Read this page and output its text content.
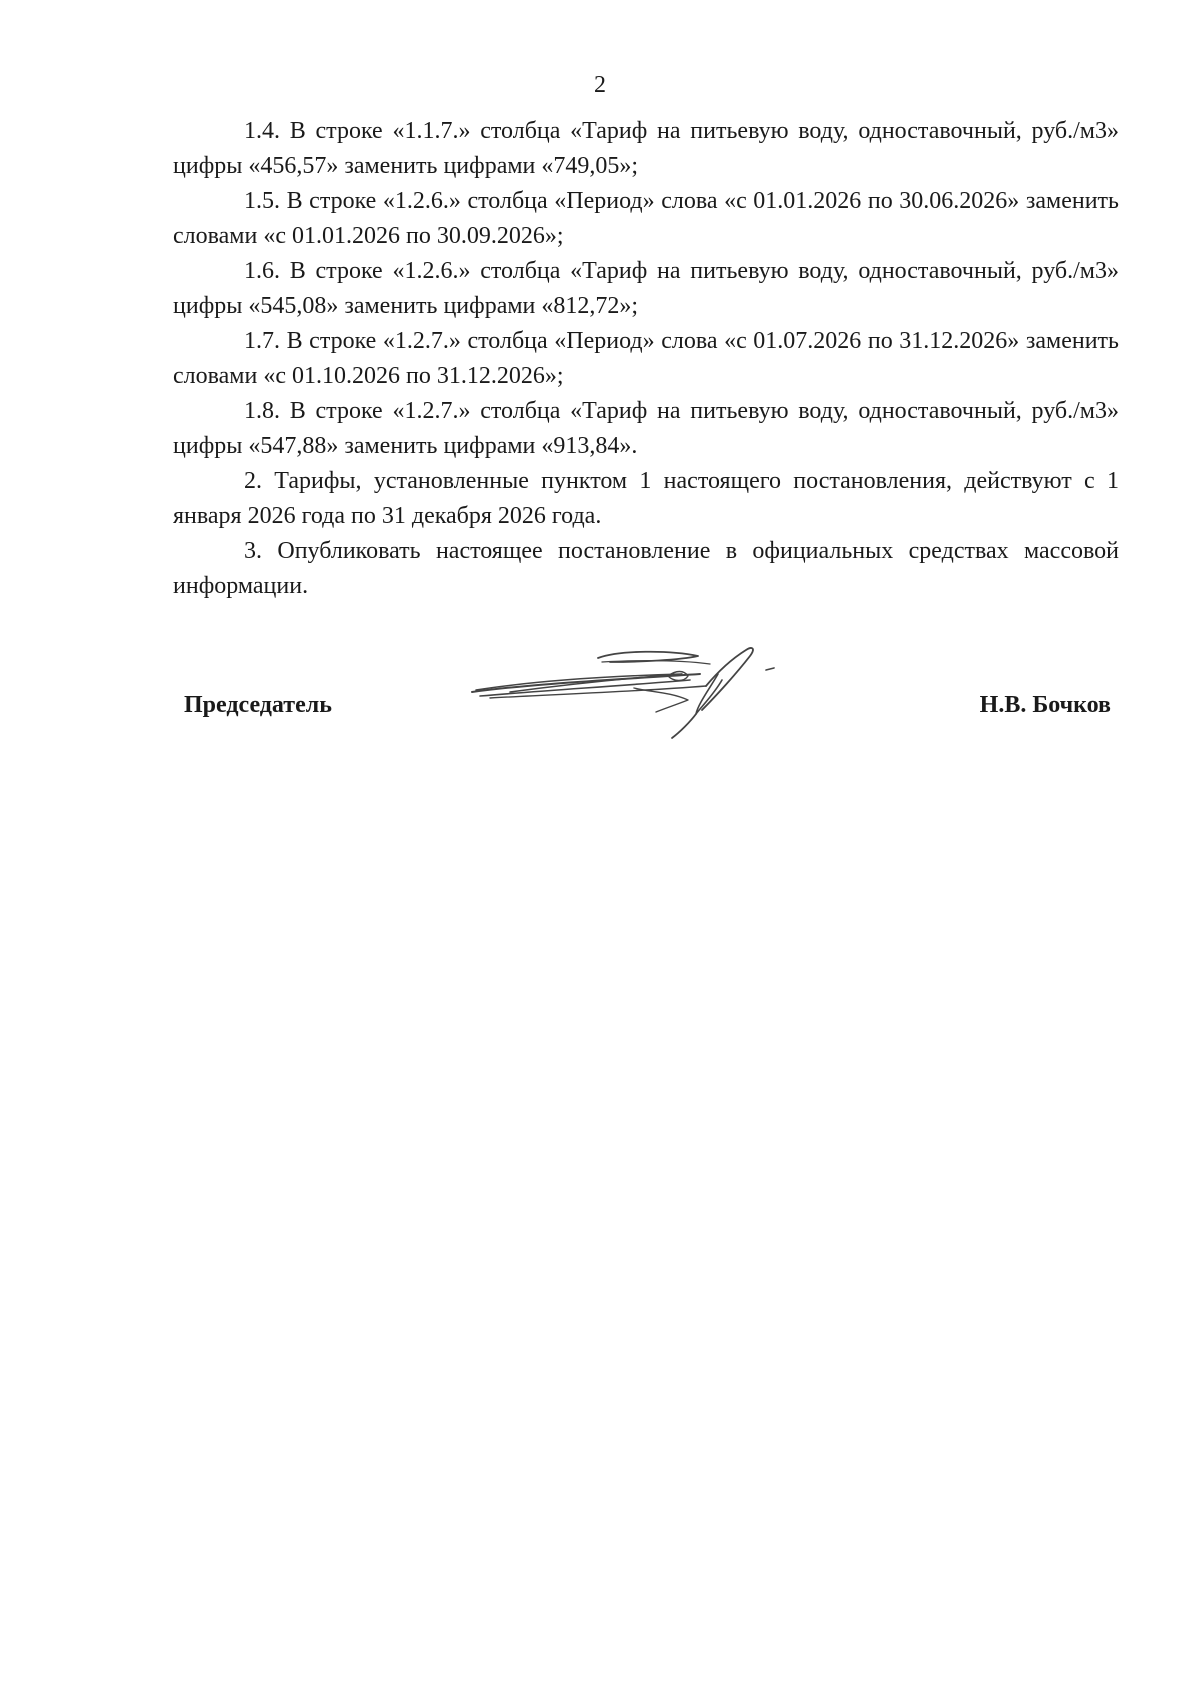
2

1.4. В строке «1.1.7.» столбца «Тариф на питьевую воду, одноставочный, руб./м3» цифры «456,57» заменить цифрами «749,05»;

1.5. В строке «1.2.6.» столбца «Период» слова «с 01.01.2026 по 30.06.2026» заменить словами «с 01.01.2026 по 30.09.2026»;

1.6. В строке «1.2.6.» столбца «Тариф на питьевую воду, одноставочный, руб./м3» цифры «545,08» заменить цифрами «812,72»;

1.7. В строке «1.2.7.» столбца «Период» слова «с 01.07.2026 по 31.12.2026» заменить словами «с 01.10.2026 по 31.12.2026»;

1.8. В строке «1.2.7.» столбца «Тариф на питьевую воду, одноставочный, руб./м3» цифры «547,88» заменить цифрами «913,84».

2. Тарифы, установленные пунктом 1 настоящего постановления, действуют с 1 января 2026 года по 31 декабря 2026 года.

3. Опубликовать настоящее постановление в официальных средствах массовой информации.

Председатель	Н.В. Бочков
